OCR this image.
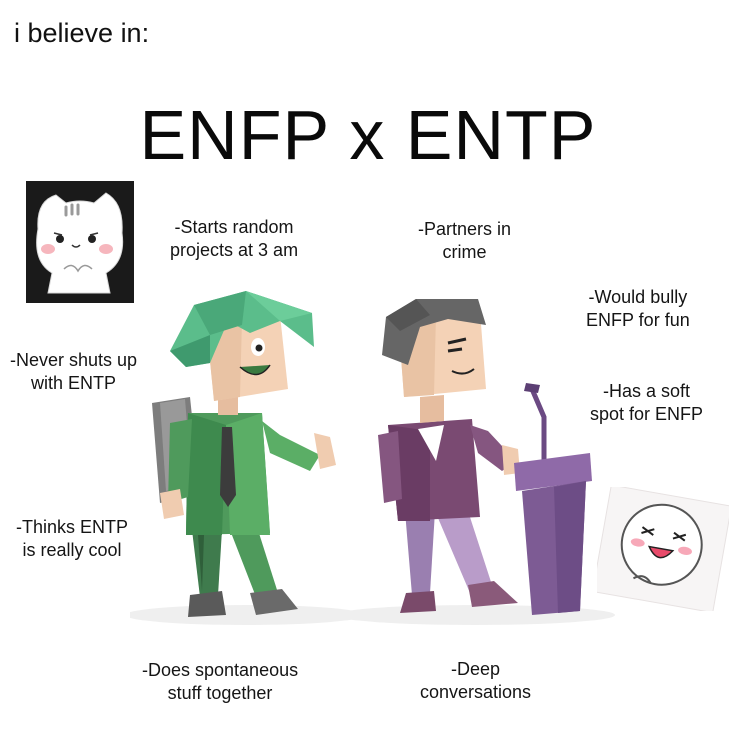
i believe in:
ENFP x ENTP
-Starts random
projects at 3 am
-Partners in
crime
-Would bully
ENFP for fun
-Never shuts up
with ENTP	-Has a soft
spot for ENFP
-Thinks ENTP
is really cool
-Does spontaneous
stuff together
-Deep
conversations
